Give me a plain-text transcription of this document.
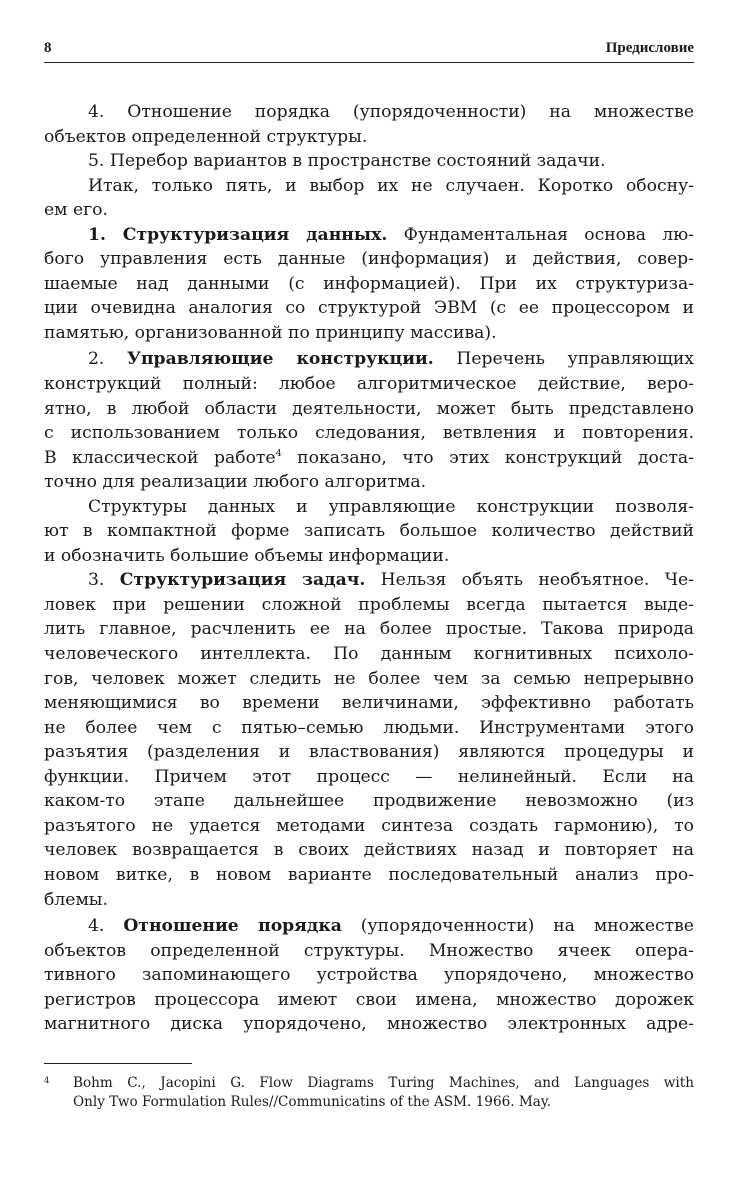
8	Предисловие
4. Отношение порядка (упорядоченности) на множестве
объектов определенной структуры.
5. Перебор вариантов в пространстве состояний задачи.
Итак, только пять, и выбор их не случаен. Коротко обосну-
ем его.
1. Структуризация данных. Фундаментальная основа лю-
бого управления есть данные (информация) и действия, совер-
шаемые над данными (с информацией). При их структуриза-
ции очевидна аналогия со структурой ЭВМ (с ее процессором и
памятью, организованной по принципу массива).
2. Управляющие конструкции. Перечень управляющих
конструкций полный: любое алгоритмическое действие, веро-
ятно, в любой области деятельности, может быть представлено
с использованием только следования, ветвления и повторения.
В классической работе$^4$ показано, что этих конструкций доста-
точно для реализации любого алгоритма.
Структуры данных и управляющие конструкции позволя-
ют в компактной форме записать большое количество действий
и обозначить большие объемы информации.
3. Структуризация задач. Нельзя объять необъятное. Че-
ловек при решении сложной проблемы всегда пытается выде-
лить главное, расчленить ее на более простые. Такова природа
человеческого интеллекта. По данным когнитивных психоло-
гов, человек может следить не более чем за семью непрерывно
меняющимися во времени величинами, эффективно работать
не более чем с пятью–семью людьми. Инструментами этого
разъятия (разделения и властвования) являются процедуры и
функции. Причем этот процесс — нелинейный. Если на
каком-то этапе дальнейшее продвижение невозможно (из
разъятого не удается методами синтеза создать гармонию), то
человек возвращается в своих действиях назад и повторяет на
новом витке, в новом варианте последовательный анализ про-
блемы.
4. Отношение порядка (упорядоченности) на множестве
объектов определенной структуры. Множество ячеек опера-
тивного запоминающего устройства упорядочено, множество
регистров процессора имеют свои имена, множество дорожек
магнитного диска упорядочено, множество электронных адре-
4 Bohm C., Jacopini G. Flow Diagrams Turing Machines, and Languages with
Only Two Formulation Rules//Communicatins of the ASM. 1966. May.
